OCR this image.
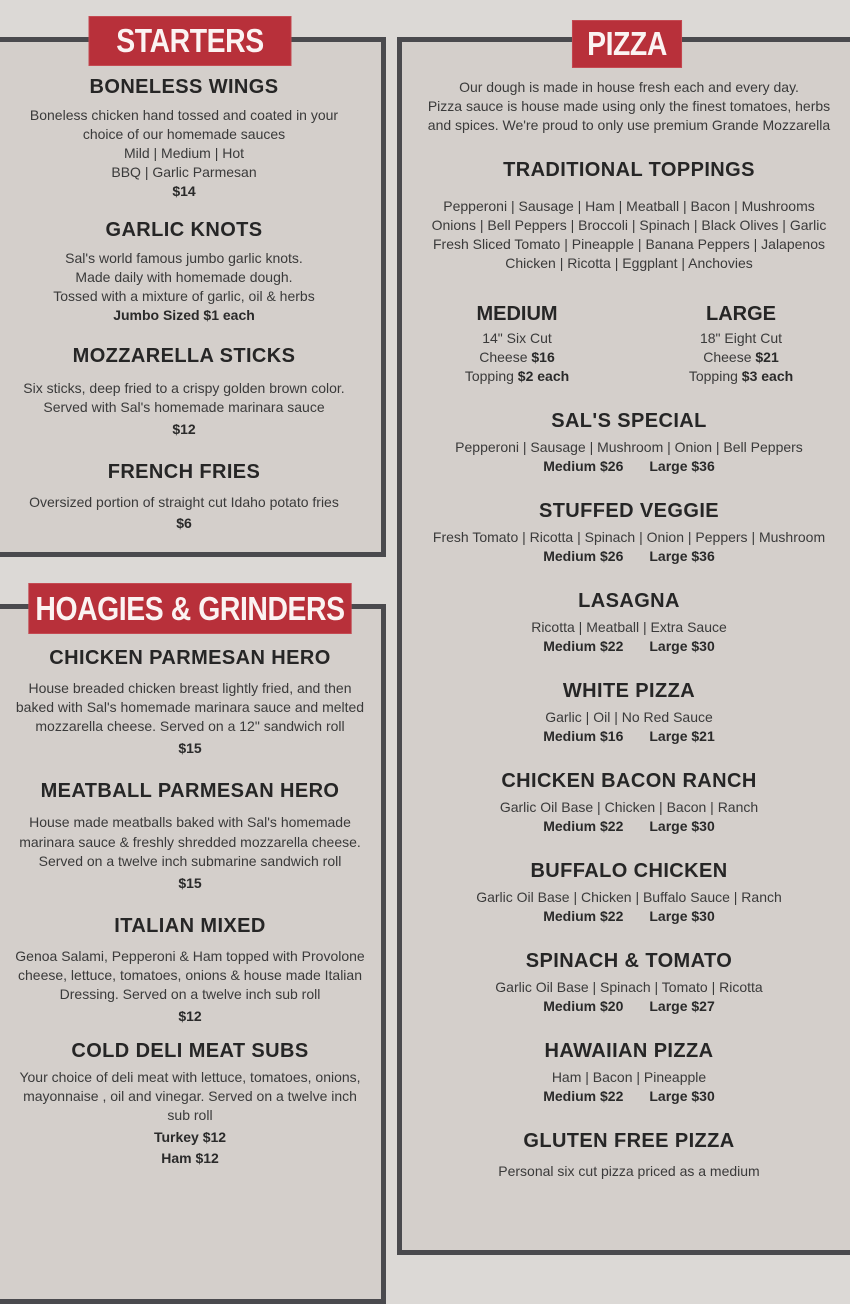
STARTERS	PIZZA
HOAGIES & GRINDERS
BONELESS WINGS
Boneless chicken hand tossed and coated in your
choice of our homemade sauces
Mild | Medium | Hot
BBQ | Garlic Parmesan
$14
GARLIC KNOTS
Sal's world famous jumbo garlic knots.
Made daily with homemade dough.
Tossed with a mixture of garlic, oil & herbs
Jumbo Sized $1 each
MOZZARELLA STICKS
Six sticks, deep fried to a crispy golden brown color.
Served with Sal's homemade marinara sauce
$12
FRENCH FRIES
Oversized portion of straight cut Idaho potato fries
$6
CHICKEN PARMESAN HERO
House breaded chicken breast lightly fried, and then
baked with Sal's homemade marinara sauce and melted
mozzarella cheese. Served on a 12" sandwich roll
$15
MEATBALL PARMESAN HERO
House made meatballs baked with Sal's homemade
marinara sauce & freshly shredded mozzarella cheese.
Served on a twelve inch submarine sandwich roll
$15
ITALIAN MIXED
Genoa Salami, Pepperoni & Ham topped with Provolone
cheese, lettuce, tomatoes, onions & house made Italian
Dressing. Served on a twelve inch sub roll
$12
COLD DELI MEAT SUBS
Your choice of deli meat with lettuce, tomatoes, onions,
mayonnaise , oil and vinegar. Served on a twelve inch
sub roll
Turkey $12
Ham $12
Our dough is made in house fresh each and every day.
Pizza sauce is house made using only the finest tomatoes, herbs
and spices. We're proud to only use premium Grande Mozzarella
TRADITIONAL TOPPINGS
Pepperoni | Sausage | Ham | Meatball | Bacon | Mushrooms
Onions | Bell Peppers | Broccoli | Spinach | Black Olives | Garlic
Fresh Sliced Tomato | Pineapple | Banana Peppers | Jalapenos
Chicken | Ricotta | Eggplant | Anchovies
MEDIUM
14" Six Cut
Cheese $16
Topping $2 each
LARGE
18" Eight Cut
Cheese $21
Topping $3 each
SAL'S SPECIAL
Pepperoni | Sausage | Mushroom | Onion | Bell Peppers
Medium $26 Large $36
STUFFED VEGGIE
Fresh Tomato | Ricotta | Spinach | Onion | Peppers | Mushroom
Medium $26 Large $36
LASAGNA
Ricotta | Meatball | Extra Sauce
Medium $22 Large $30
WHITE PIZZA
Garlic | Oil | No Red Sauce
Medium $16 Large $21
CHICKEN BACON RANCH
Garlic Oil Base | Chicken | Bacon | Ranch
Medium $22 Large $30
BUFFALO CHICKEN
Garlic Oil Base | Chicken | Buffalo Sauce | Ranch
Medium $22 Large $30
SPINACH & TOMATO
Garlic Oil Base | Spinach | Tomato | Ricotta
Medium $20 Large $27
HAWAIIAN PIZZA
Ham | Bacon | Pineapple
Medium $22 Large $30
GLUTEN FREE PIZZA
Personal six cut pizza priced as a medium
